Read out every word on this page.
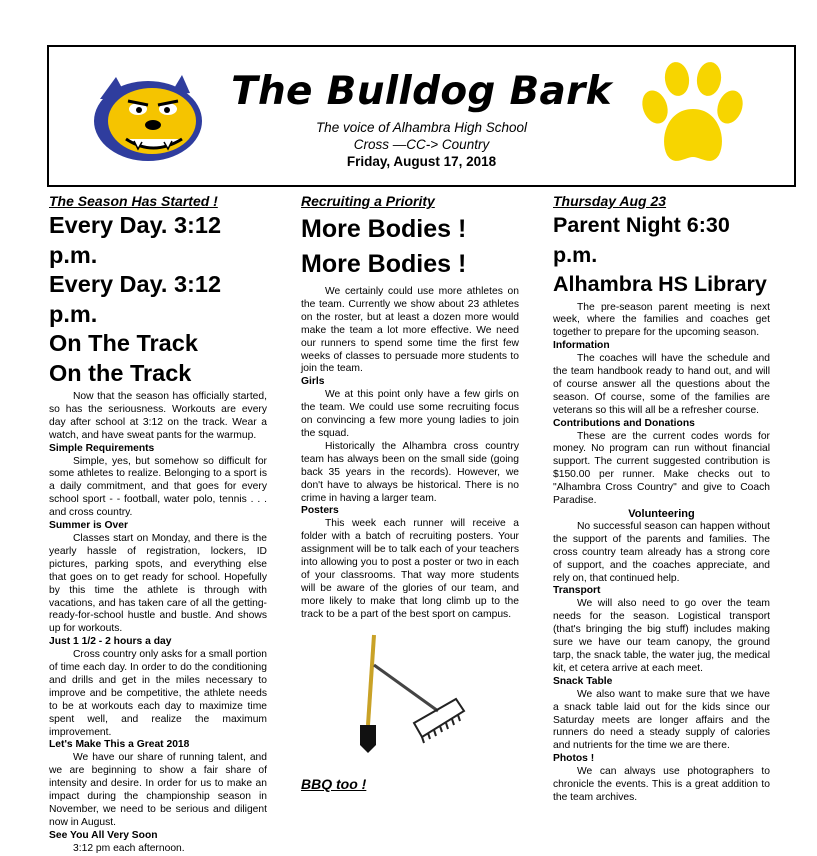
The Bulldog Bark
The voice of Alhambra High School
Cross —CC-> Country
Friday, August 17, 2018
The Season Has Started !
Every Day. 3:12 p.m.
Every Day. 3:12 p.m.
On The Track
On the Track

Now that the season has officially started, so has the seriousness. Workouts are every day after school at 3:12 on the track. Wear a watch, and have sweat pants for the warmup.

Simple Requirements

Simple, yes, but somehow so difficult for some athletes to realize. Belonging to a sport is a daily commitment, and that goes for every school sport - - football, water polo, tennis . . . and cross country.

Summer is Over

Classes start on Monday, and there is the yearly hassle of registration, lockers, ID pictures, parking spots, and everything else that goes on to get ready for school. Hopefully by this time the athlete is through with vacations, and has taken care of all the getting-ready-for-school hustle and bustle. And shows up for workouts.

Just 1 1/2 - 2 hours a day

Cross country only asks for a small portion of time each day. In order to do the conditioning and drills and get in the miles necessary to improve and be competitive, the athlete needs to be at workouts each day to maximize time spent well, and realize the maximum improvement.

Let's Make This a Great 2018

We have our share of running talent, and we are beginning to show a fair share of intensity and desire. In order for us to make an impact during the championship season in November, we need to be serious and diligent now in August.

See You All Very Soon

3:12 pm each afternoon.

Recruiting a Priority
More Bodies !
More Bodies !

We certainly could use more athletes on the team. Currently we show about 23 athletes on the roster, but at least a dozen more would make the team a lot more effective. We need our runners to spend some time the first few weeks of classes to persuade more students to join the team.

Girls

We at this point only have a few girls on the team. We could use some recruiting focus on convincing a few more young ladies to join the squad.

Historically the Alhambra cross country team has always been on the small side (going back 35 years in the records). However, we don't have to always be historical. There is no crime in having a larger team.

Posters

This week each runner will receive a folder with a batch of recruiting posters. Your assignment will be to talk each of your teachers into allowing you to post a poster or two in each of your classrooms. That way more students will be aware of the glories of our team, and more likely to make that long climb up to the track to be a part of the best sport on campus.

BBQ too !
Thursday Aug 23
Parent Night 6:30 p.m.
Alhambra HS Library

The pre-season parent meeting is next week, where the families and coaches get together to prepare for the upcoming season.

Information

The coaches will have the schedule and the team handbook ready to hand out, and will of course answer all the questions about the season. Of course, some of the families are veterans so this will all be a refresher course.

Contributions and Donations

These are the current codes words for money. No program can run without financial support. The current suggested contribution is $150.00 per runner. Make checks out to "Alhambra Cross Country" and give to Coach Paradise.

Volunteering

No successful season can happen without the support of the parents and families. The cross country team already has a strong core of support, and the coaches appreciate, and rely on, that continued help.

Transport

We will also need to go over the team needs for the season. Logistical transport (that's bringing the big stuff) includes making sure we have our team canopy, the ground tarp, the snack table, the water jug, the medical kit, et cetera arrive at each meet.

Snack Table

We also want to make sure that we have a snack table laid out for the kids since our Saturday meets are longer affairs and the runners do need a steady supply of calories and nutrients for the time we are there.

Photos !

We can always use photographers to chronicle the events. This is a great addition to the team archives.
